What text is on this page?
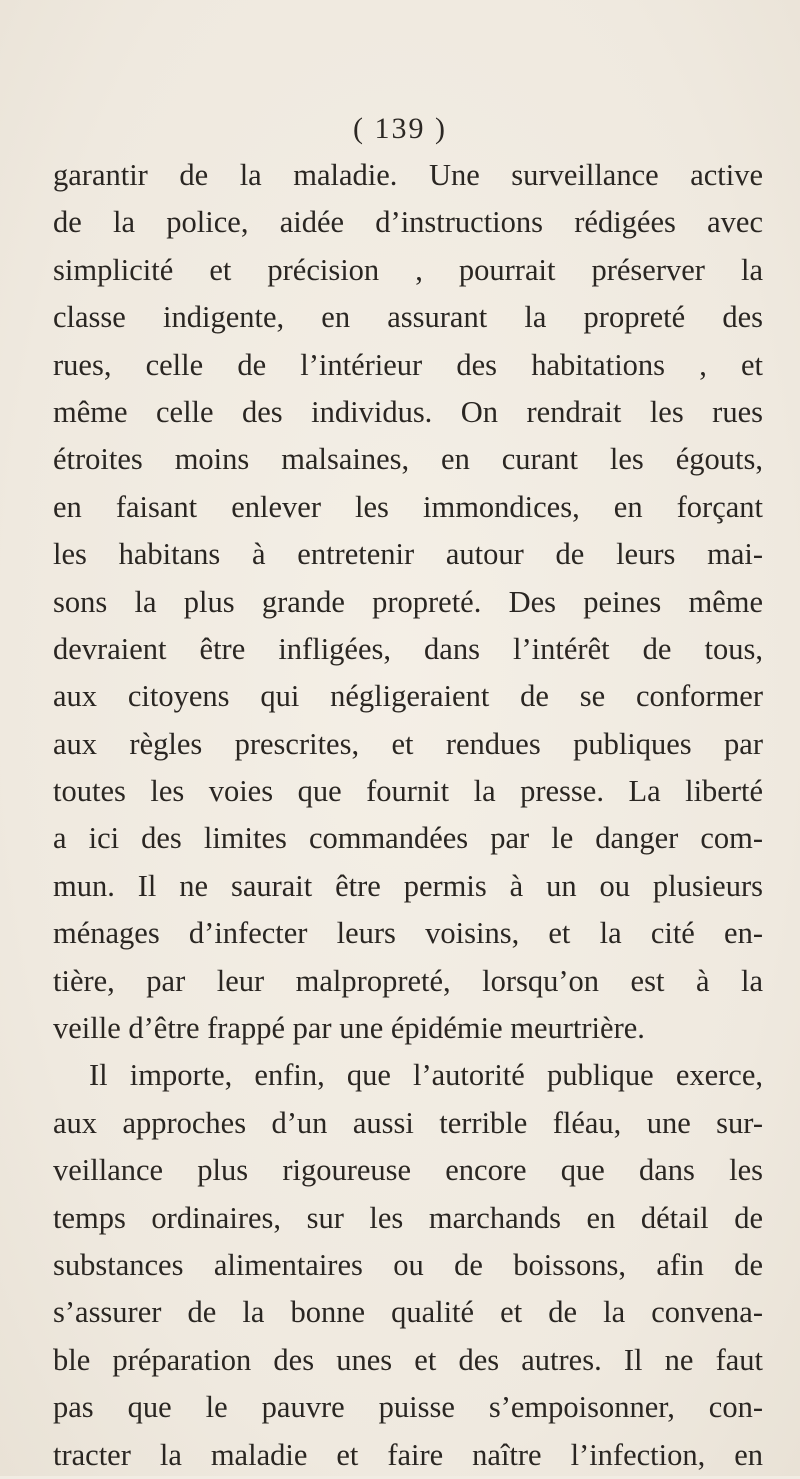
( 139 )
garantir de la maladie. Une surveillance active
de la police, aidée d’instructions rédigées avec
simplicité et précision , pourrait préserver la
classe indigente, en assurant la propreté des
rues, celle de l’intérieur des habitations , et
même celle des individus. On rendrait les rues
étroites moins malsaines, en curant les égouts,
en faisant enlever les immondices, en forçant
les habitans à entretenir autour de leurs mai-
sons la plus grande propreté. Des peines même
devraient être infligées, dans l’intérêt de tous,
aux citoyens qui négligeraient de se conformer
aux règles prescrites, et rendues publiques par
toutes les voies que fournit la presse. La liberté
a ici des limites commandées par le danger com-
mun. Il ne saurait être permis à un ou plusieurs
ménages d’infecter leurs voisins, et la cité en-
tière, par leur malpropreté, lorsqu’on est à la
veille d’être frappé par une épidémie meurtrière.
Il importe, enfin, que l’autorité publique exerce,
aux approches d’un aussi terrible fléau, une sur-
veillance plus rigoureuse encore que dans les
temps ordinaires, sur les marchands en détail de
substances alimentaires ou de boissons, afin de
s’assurer de la bonne qualité et de la convena-
ble préparation des unes et des autres. Il ne faut
pas que le pauvre puisse s’empoisonner, con-
tracter la maladie et faire naître l’infection, en
